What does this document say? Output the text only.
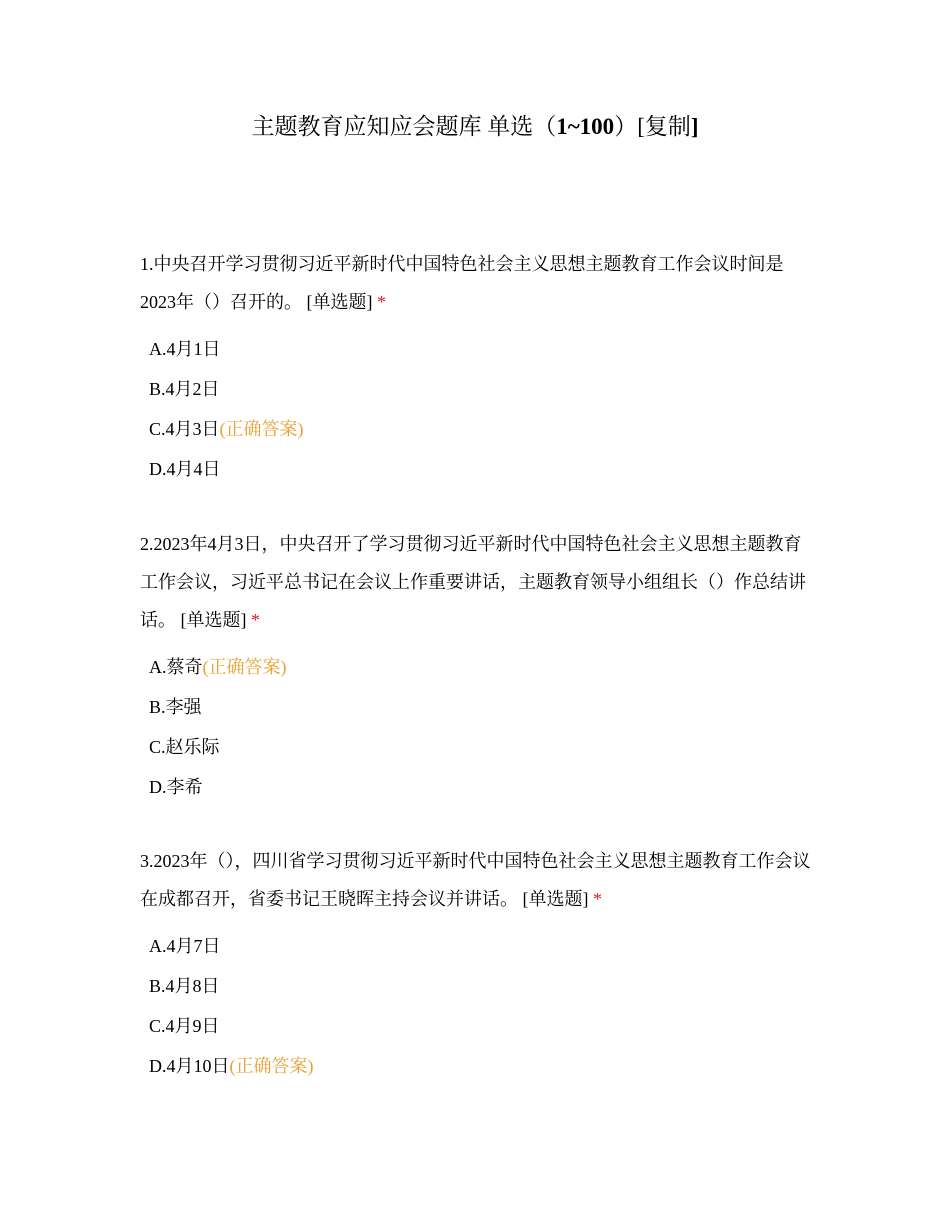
主题教育应知应会题库 单选（1~100）[复制]

1.中央召开学习贯彻习近平新时代中国特色社会主义思想主题教育工作会议时间是2023年（）召开的。 [单选题] *

A.4月1日
B.4月2日
C.4月3日(正确答案)
D.4月4日

2.2023年4月3日，中央召开了学习贯彻习近平新时代中国特色社会主义思想主题教育工作会议，习近平总书记在会议上作重要讲话，主题教育领导小组组长（）作总结讲话。 [单选题] *

A.蔡奇(正确答案)
B.李强
C.赵乐际
D.李希

3.2023年（），四川省学习贯彻习近平新时代中国特色社会主义思想主题教育工作会议在成都召开，省委书记王晓晖主持会议并讲话。 [单选题] *

A.4月7日
B.4月8日
C.4月9日
D.4月10日(正确答案)
